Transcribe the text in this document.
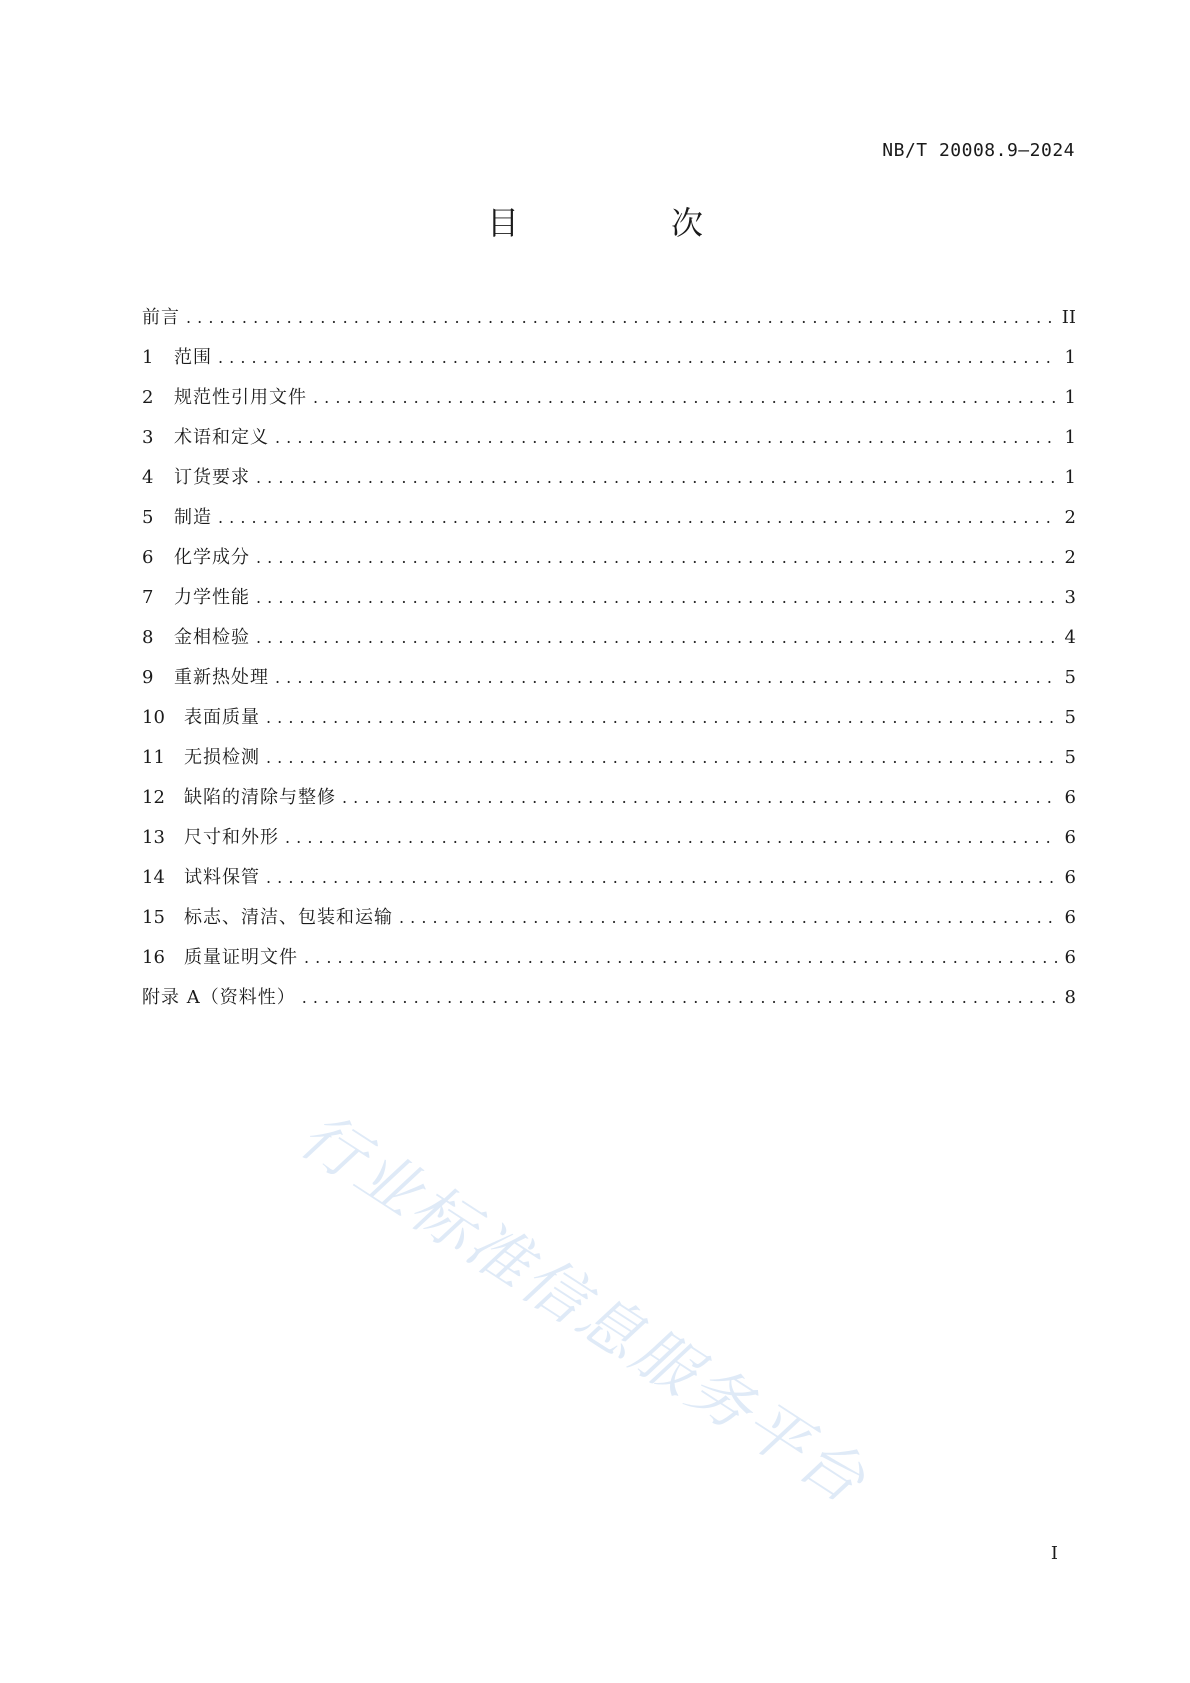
NB/T 20008.9—2024
目　次
前言 .....	II
1	范围 .....	1
2	规范性引用文件 .....	1
3	术语和定义 .....	1
4	订货要求 .....	1
5	制造 .....	2
6	化学成分 .....	2
7	力学性能 .....	3
8	金相检验 .....	4
9	重新热处理 .....	5
10	表面质量 .....	5
11	无损检测 .....	5
12	缺陷的清除与整修 .....	6
13	尺寸和外形 .....	6
14	试料保管 .....	6
15	标志、清洁、包装和运输 .....	6
16	质量证明文件 .....	6
附录 A（资料性） .....	8
行业标准信息服务平台
I
